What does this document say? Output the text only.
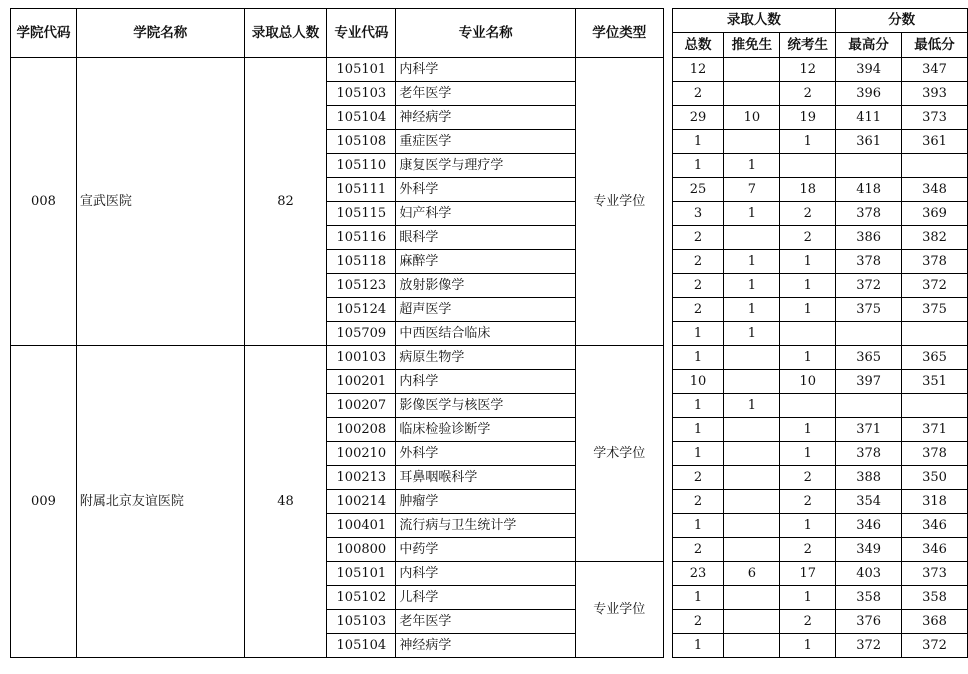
学院代码	学院名称	录取总人数	专业代码	专业名称	学位类型		录取人数			分数	
							总数	推免生	统考生	最高分	最低分
008	宣武医院	82	105101	内科学	专业学位		12		12	394	347
			105103	老年医学			2		2	396	393
			105104	神经病学			29	10	19	411	373
			105108	重症医学			1		1	361	361
			105110	康复医学与理疗学			1	1			
			105111	外科学			25	7	18	418	348
			105115	妇产科学			3	1	2	378	369
			105116	眼科学			2		2	386	382
			105118	麻醉学			2	1	1	378	378
			105123	放射影像学			2	1	1	372	372
			105124	超声医学			2	1	1	375	375
			105709	中西医结合临床			1	1			
009	附属北京友谊医院	48	100103	病原生物学	学术学位		1		1	365	365
			100201	内科学			10		10	397	351
			100207	影像医学与核医学			1	1			
			100208	临床检验诊断学			1		1	371	371
			100210	外科学			1		1	378	378
			100213	耳鼻咽喉科学			2		2	388	350
			100214	肿瘤学			2		2	354	318
			100401	流行病与卫生统计学			1		1	346	346
			100800	中药学			2		2	349	346
			105101	内科学	专业学位		23	6	17	403	373
			105102	儿科学			1		1	358	358
			105103	老年医学			2		2	376	368
			105104	神经病学			1		1	372	372
